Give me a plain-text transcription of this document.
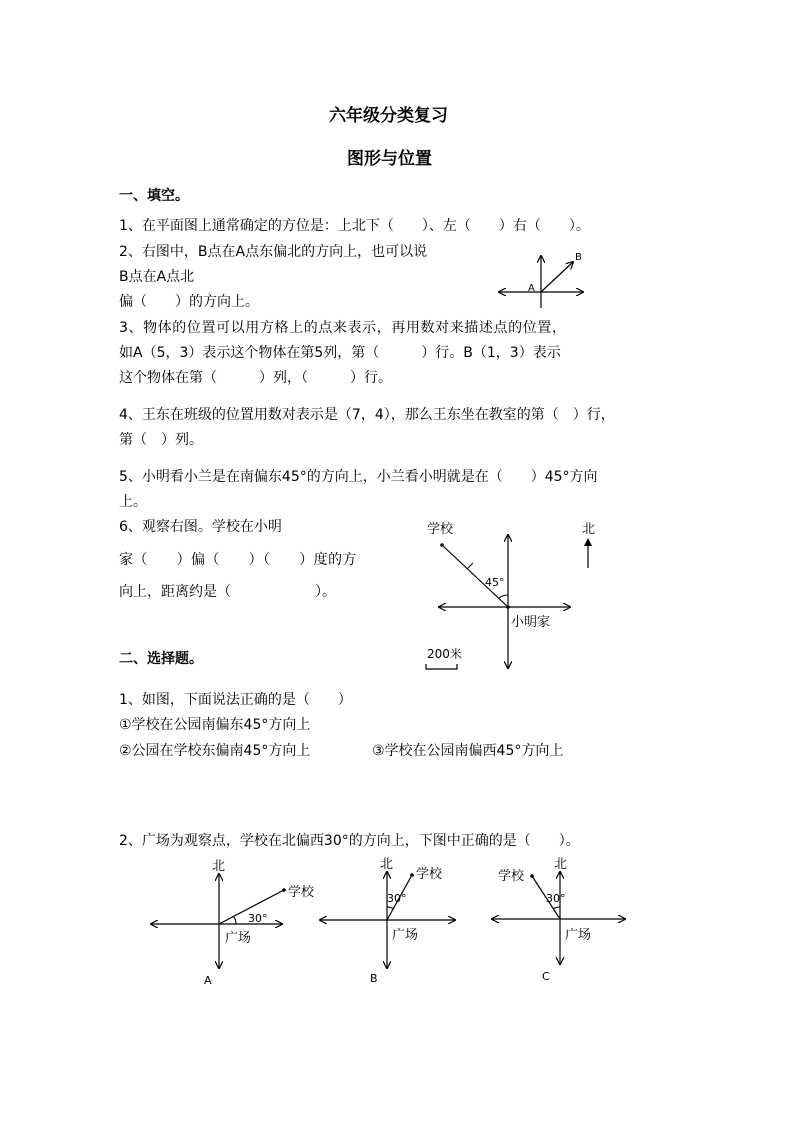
六年级分类复习
图形与位置
一、填空。
1、在平面图上通常确定的方位是：上北下（　　）、左（　　）右（　　）。
2、右图中，B点在A点东偏北的方向上，也可以说
B点在A点北
偏（　　）的方向上。
B
A
3、物体的位置可以用方格上的点来表示，再用数对来描述点的位置，
如A（5，3）表示这个物体在第5列，第（　　　）行。B（1，3）表示
这个物体在第（　　　）列，（　　　）行。
4、王东在班级的位置用数对表示是（7，4），那么王东坐在教室的第（　）行，
第（　）列。
5、小明看小兰是在南偏东45°的方向上，小兰看小明就是在（　　）45°方向
上。
6、观察右图。学校在小明
家（　　）偏（　　）（　　）度的方
向上，距离约是（　　　　　　）。
学校	北
45°
小明家
200米
二、选择题。
1、如图，下面说法正确的是（　　）
①学校在公园南偏东45°方向上
②公园在学校东偏南45°方向上	③学校在公园南偏西45°方向上
2、广场为观察点，学校在北偏西30°的方向上，下图中正确的是（　　）。
北
学校
30°
广场
A
北
学校
30°
广场
B
北
学校
30°
广场
C
